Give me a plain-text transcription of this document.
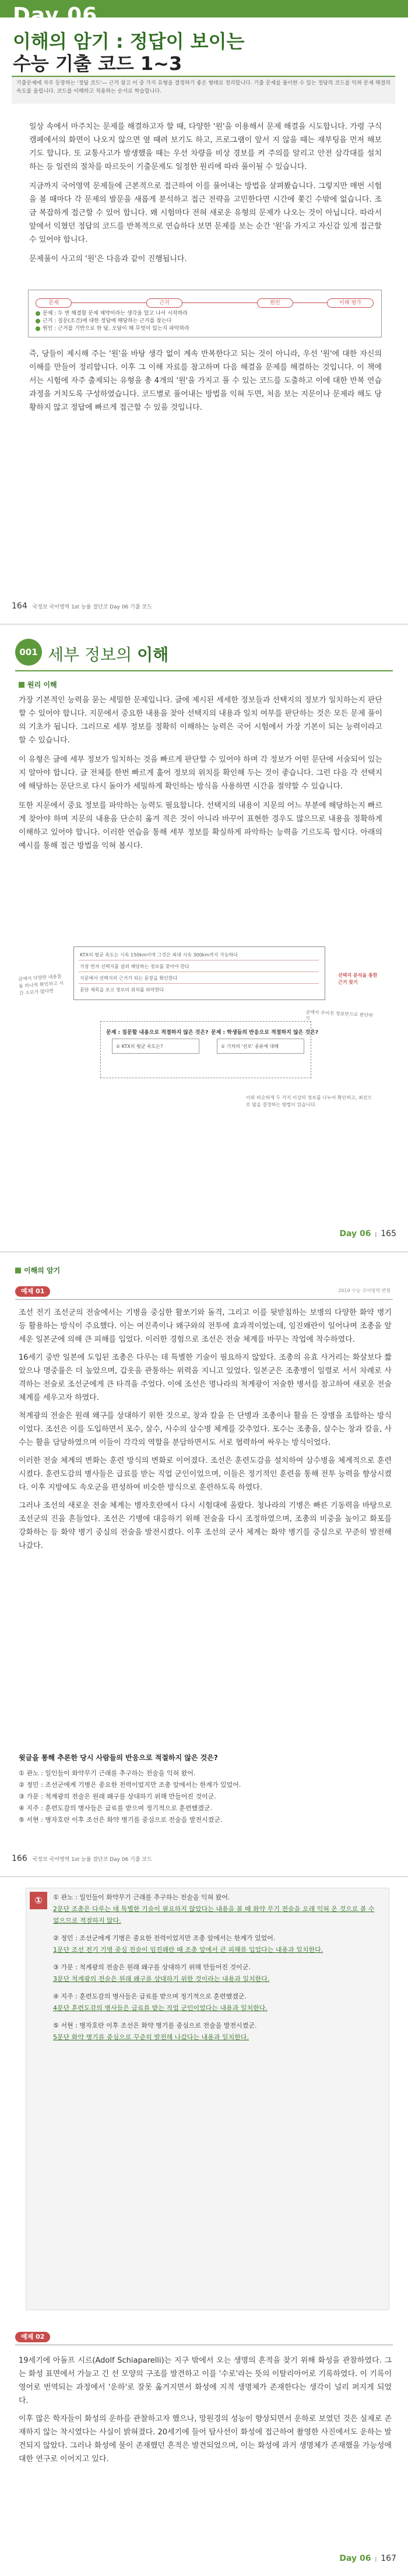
Day 06
이해의 암기 : 정답이 보이는
수능 기출 코드 1~3
기출문제에 자주 등장하는 '정답 코드'— 근거 찾고 이 중 가지 유형을 결정하기 좋은 형태로 정리합니다. 기출 문제를 풀이한 수 있는 정답의 코드를 익혀 문제 해결의 속도를 올립니다. 코드를 이해하고 적용하는 순서로 학습합니다.

일상 속에서 마주치는 문제를 해결하고자 할 때, 다양한 '원'을 이용해서 문제 해결을 시도합니다. 가령 구식 캠페에서의 화면이 나오지 않으면 옆 때려 보기도 하고, 프로그램이 앞서 지 않을 때는 재부팅을 먼저 해보기도 합니다. 또 교통사고가 발생했을 때는 우선 차량을 비상 경보를 켜 주의를 알리고 안전 삼각대를 설치하는 등 일련의 절차를 따르듯이 기출문제도 일정한 원리에 따라 풀이될 수 있습니다.

지금까지 국어영역 문제들에 근본적으로 접근하여 이를 풀어내는 방법을 살펴봤습니다. 그렇지만 매번 시험을 볼 때마다 각 문제의 발문을 새롭게 분석하고 접근 전략을 고민한다면 시간에 쫓긴 수밖에 없습니다. 조금 복잡하게 접근할 수 있어 합니다. 왜 시험마다 전혀 새로운 유형의 문제가 나오는 것이 아닙니다. 따라서 앞에서 익혔던 정답의 코드를 반복적으로 연습하다 보면 문제를 보는 순간 '원'을 가지고 자신감 있게 접근할 수 있어야 합니다.

문제풀이 사고의 '원'은 다음과 같이 진행됩니다.

문제	근거	원인	이해 평가
문제 : 두 번 해결할 문제 제약이라는 생각을 알고 나서 시작하라
근거 : 질문(조건)에 대한 정답에 해당하는 근거를 찾는다
원인 : 근거를 기반으로 한 답, 오답이 해 무엇이 있는지 파악하라

즉, 당들이 제시해 주는 '원'을 바탕 생각 없이 계속 반복한다고 되는 것이 아니라, 우선 '원'에 대한 자신의 이해를 만들어 정리합니다. 이후 그 이해 자료를 참고하며 다음 해결을 문제를 해결하는 것입니다. 이 책에서는 시험에 자주 출제되는 유형을 총 4개의 '원'을 가지고 풀 수 있는 코드를 도출하고 이에 대한 반복 연습 과정을 거치도록 구성하였습니다. 코드별로 풀어내는 방법을 익혀 두면, 처음 보는 지문이나 문제라 해도 당황하지 않고 정답에 빠르게 접근할 수 있을 것입니다.

164 국정보 국어영역 1st 능률 결단코 Day 06 기출 코드
001 세부 정보의 이해
원리 이해

가장 기본적인 능력을 묻는 세밀한 문제입니다. 글에 제시된 세세한 정보들과 선택지의 정보가 일치하는지 판단할 수 있어야 합니다. 지문에서 중요한 내용을 찾아 선택지의 내용과 일치 여부를 판단하는 것은 모든 문제 풀이의 기초가 됩니다. 그러므로 세부 정보를 정확히 이해하는 능력은 국어 시험에서 가장 기본이 되는 능력이라고 할 수 있습니다.

이 유형은 글에 세부 정보가 일치하는 것을 빠르게 판단할 수 있어야 하며 각 정보가 어떤 문단에 서술되어 있는지 알아야 합니다. 글 전체를 한번 빠르게 훑어 정보의 위치를 확인해 두는 것이 좋습니다. 그런 다음 각 선택지에 해당하는 문단으로 다시 돌아가 세밀하게 확인하는 방식을 사용하면 시간을 절약할 수 있습니다.

또한 지문에서 중요 정보를 파악하는 능력도 필요합니다. 선택지의 내용이 지문의 어느 부분에 해당하는지 빠르게 찾아야 하며 지문의 내용을 단순히 옮겨 적은 것이 아니라 바꾸어 표현한 경우도 많으므로 내용을 정확하게 이해하고 있어야 합니다. 이러한 연습을 통해 세부 정보를 확실하게 파악하는 능력을 기르도록 합시다. 아래의 예시를 통해 접근 방법을 익혀 봅시다.

글에서 다양한 내용들을 하나씩 확인하고 시간 소모가 많다면
KTX의 평균 속도는 시속 150km이며 그것은 최대 시속 300km까지 가능하다
가장 먼저 선택지를 살펴 해당하는 정보를 찾아야 한다
지문에서 선택지의 근거가 되는 문장을 확인한다
문단 제목을 보고 정보의 위치를 파악한다
선택지 분석을 통한 근거 찾기
문제 : 질문할 내용으로 적절하지 않은 것은?
① KTX의 평균 속도는?
문제 : 학생들의 반응으로 적절하지 않은 것은?
① 기차의 '선로' 종류에 대해
글에서 주어진 정보만으로 판단하기
이와 비슷하게 두 가지 이상의 정보를 나누어 확인하고, 최선으로 답을 결정하는 방법이 있습니다.
Day 06 | 165
이해의 암기
예제 01	2019 수능 국어영역 변형

조선 전기 조선군의 전술에서는 기병을 중심한 활쏘기와 돌격, 그리고 이를 뒷받침하는 보병의 다양한 화약 병기 등 활용하는 방식이 주요했다. 이는 여진족이나 왜구와의 전투에 효과적이었는데, 임진왜란이 일어나며 조총을 앞세운 일본군에 의해 큰 피해를 입었다. 이러한 경험으로 조선은 전술 체계를 바꾸는 작업에 착수하였다.

16세기 중반 일본에 도입된 조총은 다루는 데 특별한 기술이 필요하지 않았다. 조총의 유효 사거리는 화살보다 짧았으나 명중률은 더 높았으며, 갑옷을 관통하는 위력을 지니고 있었다. 일본군은 조총병이 일렬로 서서 차례로 사격하는 전술로 조선군에게 큰 타격을 주었다. 이에 조선은 명나라의 척계광이 저술한 병서를 참고하여 새로운 전술 체계를 세우고자 하였다.

척계광의 전술은 원래 왜구를 상대하기 위한 것으로, 창과 칼을 든 단병과 조총이나 활을 든 장병을 조합하는 방식이었다. 조선은 이를 도입하면서 포수, 살수, 사수의 삼수병 체계를 갖추었다. 포수는 조총을, 살수는 창과 칼을, 사수는 활을 담당하였으며 이들이 각각의 역할을 분담하면서도 서로 협력하여 싸우는 방식이었다.

이러한 전술 체계의 변화는 훈련 방식의 변화로 이어졌다. 조선은 훈련도감을 설치하여 삼수병을 체계적으로 훈련시켰다. 훈련도감의 병사들은 급료를 받는 직업 군인이었으며, 이들은 정기적인 훈련을 통해 전투 능력을 향상시켰다. 이후 지방에도 속오군을 편성하여 비슷한 방식으로 훈련하도록 하였다.

그러나 조선의 새로운 전술 체계는 병자호란에서 다시 시험대에 올랐다. 청나라의 기병은 빠른 기동력을 바탕으로 조선군의 진을 흔들었다. 조선은 기병에 대응하기 위해 전술을 다시 조정하였으며, 조총의 비중을 높이고 화포를 강화하는 등 화약 병기 중심의 전술을 발전시켰다. 이후 조선의 군사 체계는 화약 병기를 중심으로 꾸준히 발전해 나갔다.

윗글을 통해 추론한 당시 사람들의 반응으로 적절하지 않은 것은?
① 관노 : 일인들이 화약무기 근래를 추구하는 전술을 익혀 왔어.
② 정민 : 조선군에게 기병은 중요한 전력이었지만 조총 앞에서는 한계가 있었어.
③ 가문 : 척계광의 전술은 원래 왜구를 상대하기 위해 만들어진 것이군.
④ 지주 : 훈련도감의 병사들은 급료를 받으며 정기적으로 훈련했겠군.
⑤ 서현 : 병자호란 이후 조선은 화약 병기를 중심으로 전술을 발전시켰군.
166 국정보 국어영역 1st 능률 결단코 Day 06 기출 코드
①	① 관노 : 일인들이 화약무기 근래를 추구하는 전술을 익혀 왔어.
2문단 조총은 다루는 데 특별한 기술이 필요하지 않았다는 내용을 볼 때 화약 무기 전술을 오래 익혀 온 것으로 볼 수 없으므로 적절하지 않다.
② 정민 : 조선군에게 기병은 중요한 전력이었지만 조총 앞에서는 한계가 있었어.
1문단 조선 전기 기병 중심 전술이 임진왜란 때 조총 앞에서 큰 피해를 입었다는 내용과 일치한다.
③ 가문 : 척계광의 전술은 원래 왜구를 상대하기 위해 만들어진 것이군.
3문단 척계광의 전술은 원래 왜구를 상대하기 위한 것이라는 내용과 일치한다.
④ 지주 : 훈련도감의 병사들은 급료를 받으며 정기적으로 훈련했겠군.
4문단 훈련도감의 병사들은 급료를 받는 직업 군인이었다는 내용과 일치한다.
⑤ 서현 : 병자호란 이후 조선은 화약 병기를 중심으로 전술을 발전시켰군.
5문단 화약 병기를 중심으로 꾸준히 발전해 나갔다는 내용과 일치한다.
예제 02

19세기에 아돌프 시르(Adolf Schiaparelli)는 지구 밖에서 오는 생명의 흔적을 찾기 위해 화성을 관찰하였다. 그는 화성 표면에서 가늘고 긴 선 모양의 구조를 발견하고 이를 '수로'라는 뜻의 이탈리아어로 기록하였다. 이 기록이 영어로 번역되는 과정에서 '운하'로 잘못 옮겨지면서 화성에 지적 생명체가 존재한다는 생각이 널리 퍼지게 되었다.

이후 많은 학자들이 화성의 운하를 관찰하고자 했으나, 망원경의 성능이 향상되면서 운하로 보였던 것은 실제로 존재하지 않는 착시였다는 사실이 밝혀졌다. 20세기에 들어 탐사선이 화성에 접근하여 촬영한 사진에서도 운하는 발견되지 않았다. 그러나 화성에 물이 존재했던 흔적은 발견되었으며, 이는 화성에 과거 생명체가 존재했을 가능성에 대한 연구로 이어지고 있다.

Day 06 | 167
